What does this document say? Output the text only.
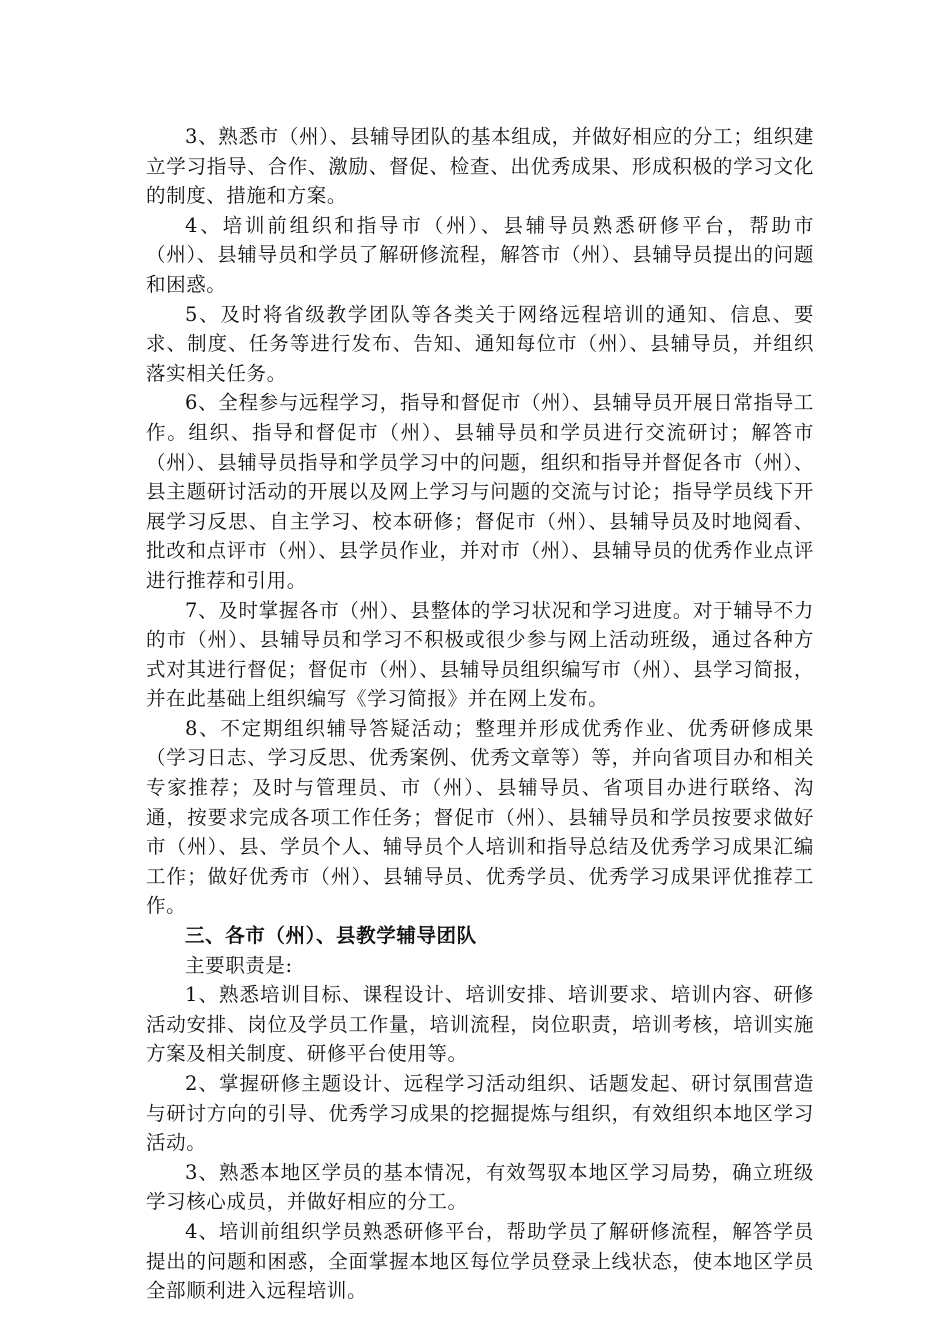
3、熟悉市（州）、县辅导团队的基本组成，并做好相应的分工；组织建立学习指导、合作、激励、督促、检查、出优秀成果、形成积极的学习文化的制度、措施和方案。

4、培训前组织和指导市（州）、县辅导员熟悉研修平台，帮助市（州）、县辅导员和学员了解研修流程，解答市（州）、县辅导员提出的问题和困惑。

5、及时将省级教学团队等各类关于网络远程培训的通知、信息、要求、制度、任务等进行发布、告知、通知每位市（州）、县辅导员，并组织落实相关任务。

6、全程参与远程学习，指导和督促市（州）、县辅导员开展日常指导工作。组织、指导和督促市（州）、县辅导员和学员进行交流研讨；解答市（州）、县辅导员指导和学员学习中的问题，组织和指导并督促各市（州）、县主题研讨活动的开展以及网上学习与问题的交流与讨论；指导学员线下开展学习反思、自主学习、校本研修；督促市（州）、县辅导员及时地阅看、批改和点评市（州）、县学员作业，并对市（州）、县辅导员的优秀作业点评进行推荐和引用。

7、及时掌握各市（州）、县整体的学习状况和学习进度。对于辅导不力的市（州）、县辅导员和学习不积极或很少参与网上活动班级，通过各种方式对其进行督促；督促市（州）、县辅导员组织编写市（州）、县学习简报，并在此基础上组织编写《学习简报》并在网上发布。

8、不定期组织辅导答疑活动；整理并形成优秀作业、优秀研修成果（学习日志、学习反思、优秀案例、优秀文章等）等，并向省项目办和相关专家推荐；及时与管理员、市（州）、县辅导员、省项目办进行联络、沟通，按要求完成各项工作任务；督促市（州）、县辅导员和学员按要求做好市（州）、县、学员个人、辅导员个人培训和指导总结及优秀学习成果汇编工作；做好优秀市（州）、县辅导员、优秀学员、优秀学习成果评优推荐工作。

三、各市（州）、县教学辅导团队

主要职责是:

1、熟悉培训目标、课程设计、培训安排、培训要求、培训内容、研修活动安排、岗位及学员工作量，培训流程，岗位职责，培训考核，培训实施方案及相关制度、研修平台使用等。

2、掌握研修主题设计、远程学习活动组织、话题发起、研讨氛围营造与研讨方向的引导、优秀学习成果的挖掘提炼与组织，有效组织本地区学习活动。

3、熟悉本地区学员的基本情况，有效驾驭本地区学习局势，确立班级学习核心成员，并做好相应的分工。

4、培训前组织学员熟悉研修平台，帮助学员了解研修流程，解答学员提出的问题和困惑，全面掌握本地区每位学员登录上线状态，使本地区学员全部顺利进入远程培训。
